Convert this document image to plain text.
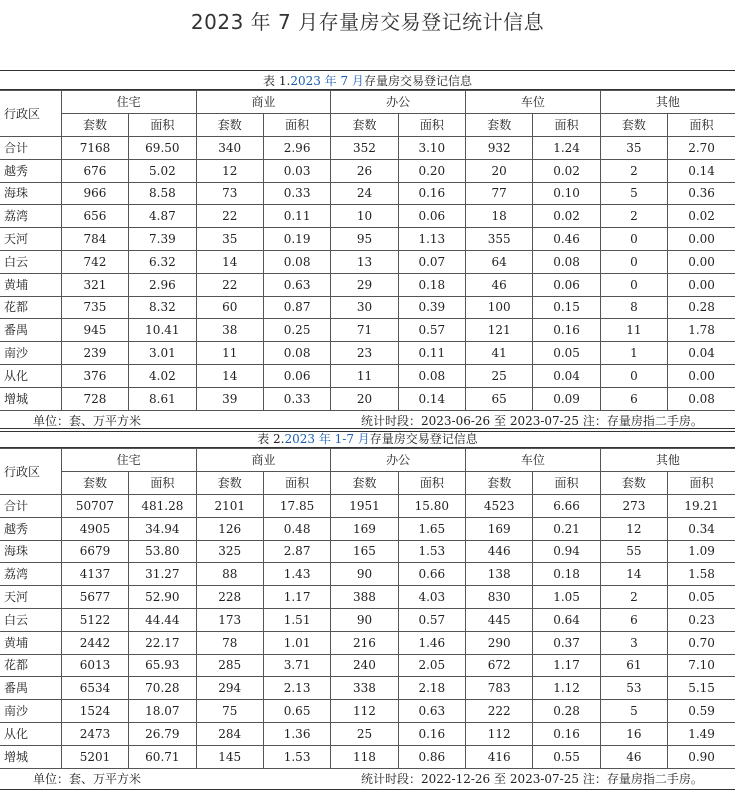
2023 年 7 月存量房交易登记统计信息
表 1.2023 年 7 月存量房交易登记信息
行政区	住宅		商业		办公		车位		其他	
	套数	面积	套数	面积	套数	面积	套数	面积	套数	面积
合计	7168	69.50	340	2.96	352	3.10	932	1.24	35	2.70
越秀	676	5.02	12	0.03	26	0.20	20	0.02	2	0.14
海珠	966	8.58	73	0.33	24	0.16	77	0.10	5	0.36
荔湾	656	4.87	22	0.11	10	0.06	18	0.02	2	0.02
天河	784	7.39	35	0.19	95	1.13	355	0.46	0	0.00
白云	742	6.32	14	0.08	13	0.07	64	0.08	0	0.00
黄埔	321	2.96	22	0.63	29	0.18	46	0.06	0	0.00
花都	735	8.32	60	0.87	30	0.39	100	0.15	8	0.28
番禺	945	10.41	38	0.25	71	0.57	121	0.16	11	1.78
南沙	239	3.01	11	0.08	23	0.11	41	0.05	1	0.04
从化	376	4.02	14	0.06	11	0.08	25	0.04	0	0.00
增城	728	8.61	39	0.33	20	0.14	65	0.09	6	0.08
单位：套、万平方米	统计时段：2023-06-26 至 2023-07-25 注：存量房指二手房。
表 2.2023 年 1-7 月存量房交易登记信息
行政区	住宅		商业		办公		车位		其他	
	套数	面积	套数	面积	套数	面积	套数	面积	套数	面积
合计	50707	481.28	2101	17.85	1951	15.80	4523	6.66	273	19.21
越秀	4905	34.94	126	0.48	169	1.65	169	0.21	12	0.34
海珠	6679	53.80	325	2.87	165	1.53	446	0.94	55	1.09
荔湾	4137	31.27	88	1.43	90	0.66	138	0.18	14	1.58
天河	5677	52.90	228	1.17	388	4.03	830	1.05	2	0.05
白云	5122	44.44	173	1.51	90	0.57	445	0.64	6	0.23
黄埔	2442	22.17	78	1.01	216	1.46	290	0.37	3	0.70
花都	6013	65.93	285	3.71	240	2.05	672	1.17	61	7.10
番禺	6534	70.28	294	2.13	338	2.18	783	1.12	53	5.15
南沙	1524	18.07	75	0.65	112	0.63	222	0.28	5	0.59
从化	2473	26.79	284	1.36	25	0.16	112	0.16	16	1.49
增城	5201	60.71	145	1.53	118	0.86	416	0.55	46	0.90
单位：套、万平方米	统计时段：2022-12-26 至 2023-07-25 注：存量房指二手房。
